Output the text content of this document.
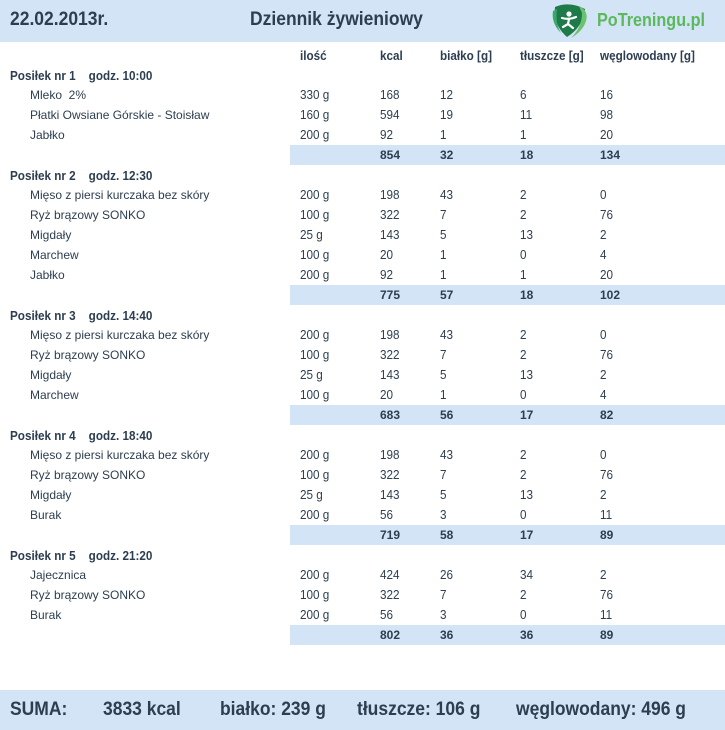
22.02.2013r.	Dziennik żywieniowy	PoTreningu.pl
ilość	kcal	białko [g] tłuszcze [g] węglowodany [g]
Posiłek nr 1    godz. 10:00
Mleko  2%	330 g	168	12	6	16
Płatki Owsiane Górskie - Stoisław	160 g	594	19	11	98
Jabłko	200 g	92	1	1	20
854	32	18	134
Posiłek nr 2    godz. 12:30
Mięso z piersi kurczaka bez skóry	200 g	198	43	2	0
Ryż brązowy SONKO	100 g	322	7	2	76
Migdały	25 g	143	5	13	2
Marchew	100 g	20	1	0	4
Jabłko	200 g	92	1	1	20
775	57	18	102
Posiłek nr 3    godz. 14:40
Mięso z piersi kurczaka bez skóry	200 g	198	43	2	0
Ryż brązowy SONKO	100 g	322	7	2	76
Migdały	25 g	143	5	13	2
Marchew	100 g	20	1	0	4
683	56	17	82
Posiłek nr 4    godz. 18:40
Mięso z piersi kurczaka bez skóry	200 g	198	43	2	0
Ryż brązowy SONKO	100 g	322	7	2	76
Migdały	25 g	143	5	13	2
Burak	200 g	56	3	0	11
719	58	17	89
Posiłek nr 5    godz. 21:20
Jajecznica	200 g	424	26	34	2
Ryż brązowy SONKO	100 g	322	7	2	76
Burak	200 g	56	3	0	11
802	36	36	89
SUMA: 3833 kcal białko: 239 g tłuszcze: 106 g węglowodany: 496 g
